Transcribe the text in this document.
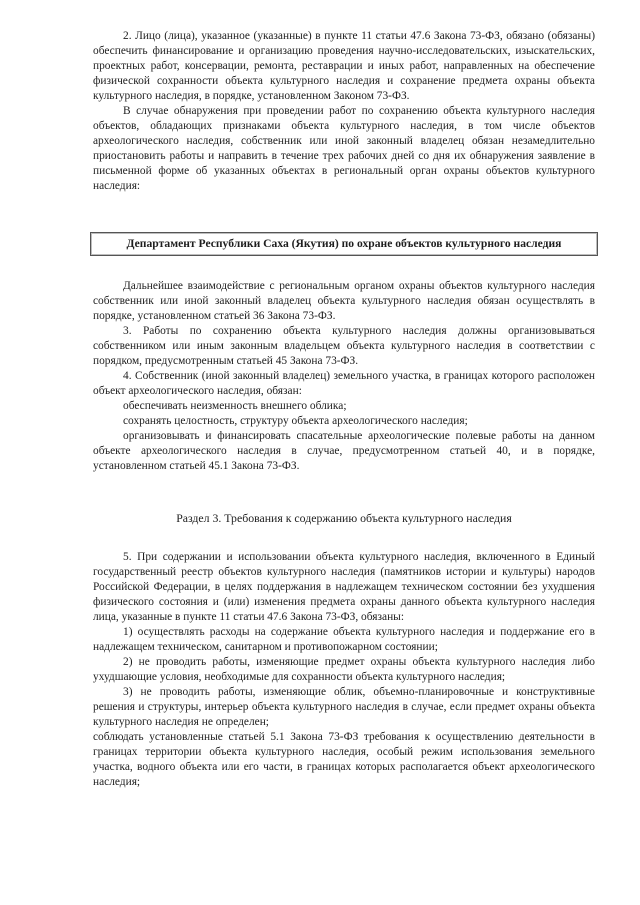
2. Лицо (лица), указанное (указанные) в пункте 11 статьи 47.6 Закона 73-ФЗ, обязано (обязаны) обеспечить финансирование и организацию проведения научно-исследовательских, изыскательских, проектных работ, консервации, ремонта, реставрации и иных работ, направленных на обеспечение физической сохранности объекта культурного наследия и сохранение предмета охраны объекта культурного наследия, в порядке, установленном Законом 73-ФЗ.

В случае обнаружения при проведении работ по сохранению объекта культурного наследия объектов, обладающих признаками объекта культурного наследия, в том числе объектов археологического наследия, собственник или иной законный владелец обязан незамедлительно приостановить работы и направить в течение трех рабочих дней со дня их обнаружения заявление в письменной форме об указанных объектах в региональный орган охраны объектов культурного наследия:

Департамент Республики Саха (Якутия) по охране объектов культурного наследия

Дальнейшее взаимодействие с региональным органом охраны объектов культурного наследия собственник или иной законный владелец объекта культурного наследия обязан осуществлять в порядке, установленном статьей 36 Закона 73-ФЗ.

3. Работы по сохранению объекта культурного наследия должны организовываться собственником или иным законным владельцем объекта культурного наследия в соответствии с порядком, предусмотренным статьей 45 Закона 73-ФЗ.

4. Собственник (иной законный владелец) земельного участка, в границах которого расположен объект археологического наследия, обязан:

обеспечивать неизменность внешнего облика;

сохранять целостность, структуру объекта археологического наследия;

организовывать и финансировать спасательные археологические полевые работы на данном объекте археологического наследия в случае, предусмотренном статьей 40, и в порядке, установленном статьей 45.1 Закона 73-ФЗ.

Раздел 3. Требования к содержанию объекта культурного наследия

5. При содержании и использовании объекта культурного наследия, включенного в Единый государственный реестр объектов культурного наследия (памятников истории и культуры) народов Российской Федерации, в целях поддержания в надлежащем техническом состоянии без ухудшения физического состояния и (или) изменения предмета охраны данного объекта культурного наследия лица, указанные в пункте 11 статьи 47.6 Закона 73-ФЗ, обязаны:

1) осуществлять расходы на содержание объекта культурного наследия и поддержание его в надлежащем техническом, санитарном и противопожарном состоянии;

2) не проводить работы, изменяющие предмет охраны объекта культурного наследия либо ухудшающие условия, необходимые для сохранности объекта культурного наследия;

3) не проводить работы, изменяющие облик, объемно-планировочные и конструктивные решения и структуры, интерьер объекта культурного наследия в случае, если предмет охраны объекта культурного наследия не определен;

соблюдать установленные статьей 5.1 Закона 73-ФЗ требования к осуществлению деятельности в границах территории объекта культурного наследия, особый режим использования земельного участка, водного объекта или его части, в границах которых располагается объект археологического наследия;
